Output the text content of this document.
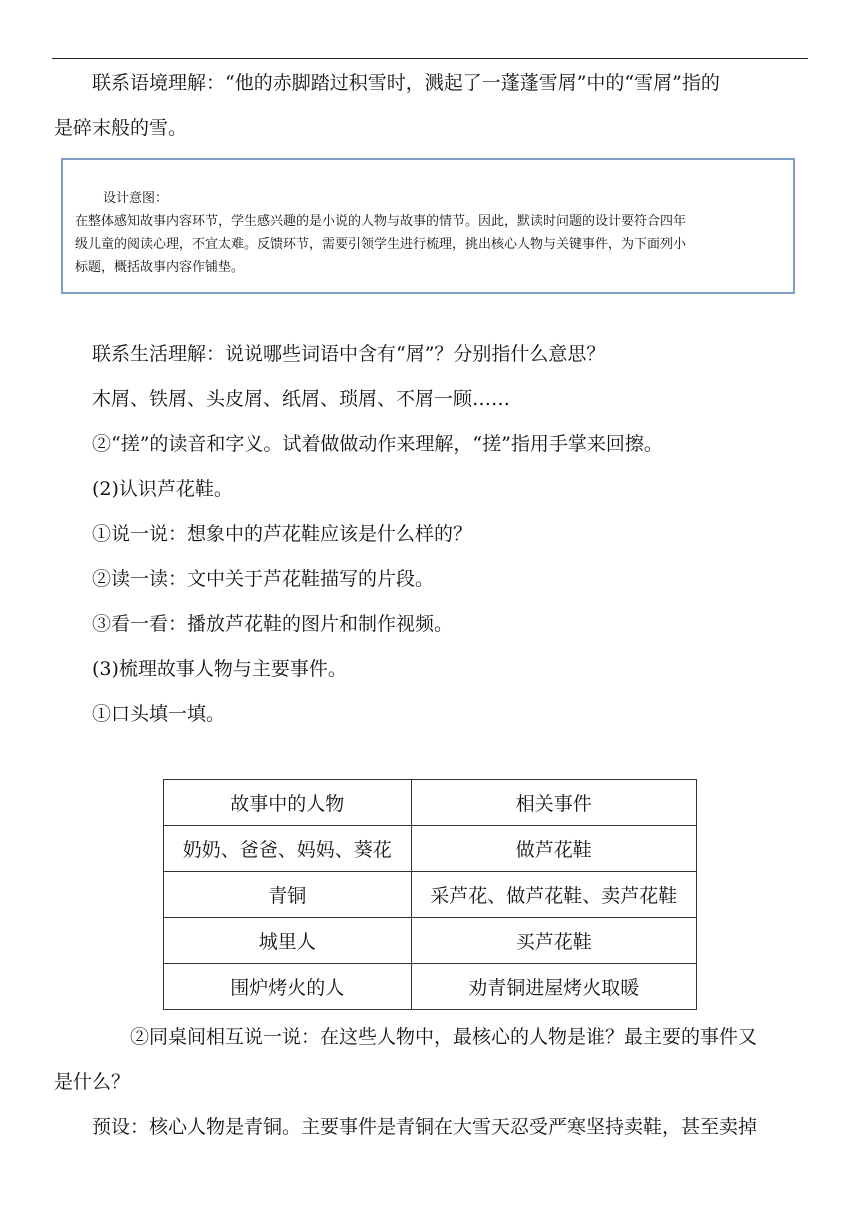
联系语境理解：“他的赤脚踏过积雪时，溅起了一蓬蓬雪屑”中的“雪屑”指的
是碎末般的雪。
设计意图：
在整体感知故事内容环节，学生感兴趣的是小说的人物与故事的情节。因此，默读时问题的设计要符合四年
级儿童的阅读心理，不宜太难。反馈环节，需要引领学生进行梳理，挑出核心人物与关键事件，为下面列小
标题，概括故事内容作铺垫。
联系生活理解：说说哪些词语中含有“屑”？分别指什么意思？
木屑、铁屑、头皮屑、纸屑、琐屑、不屑一顾……
②“搓”的读音和字义。试着做做动作来理解，“搓”指用手掌来回擦。
(2)认识芦花鞋。
①说一说：想象中的芦花鞋应该是什么样的？
②读一读：文中关于芦花鞋描写的片段。
③看一看：播放芦花鞋的图片和制作视频。
(3)梳理故事人物与主要事件。
①口头填一填。
故事中的人物	相关事件
奶奶、爸爸、妈妈、葵花	做芦花鞋
青铜	采芦花、做芦花鞋、卖芦花鞋
城里人	买芦花鞋
围炉烤火的人	劝青铜进屋烤火取暖
②同桌间相互说一说：在这些人物中，最核心的人物是谁？最主要的事件又
是什么？
预设：核心人物是青铜。主要事件是青铜在大雪天忍受严寒坚持卖鞋，甚至卖掉
